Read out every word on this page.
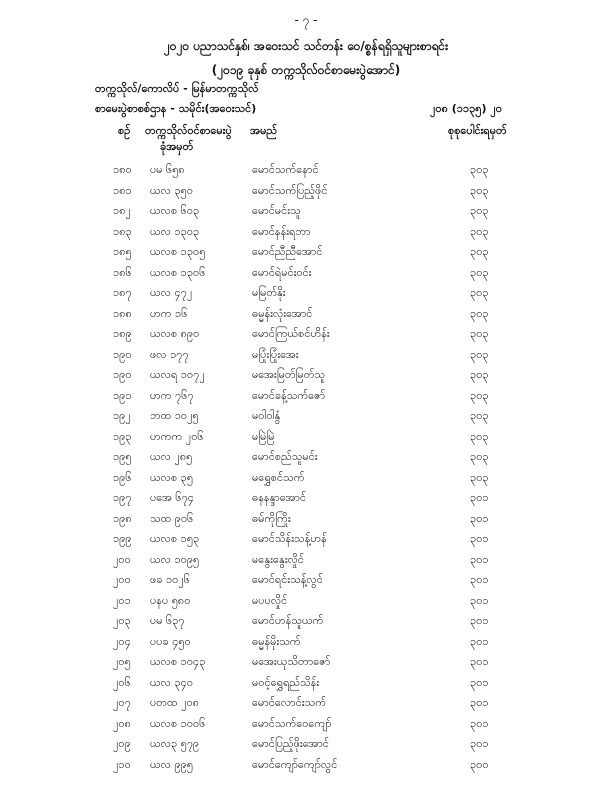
- ၇ -
၂၀၂၀ ပညာသင်နှစ်၊ အဝေးသင် သင်တန်း ဝေ/စ္စန်ရရှိသူများစာရင်း
(၂၀၁၉ ခုနှစ် တက္ကသိုလ်ဝင်စာမေးပွဲအောင်)
တက္ကသိုလ်/ကောလိပ် - မြန်မာတက္ကသိုလ်
စာမေးပွဲစာစစ်ဌာန - သမိုင်း(အဝေးသင်)	၂၀၈ (၁၁၃၅) ၂၀
စဉ် တက္ကသိုလ်ဝင်စာမေးပွဲ
ခုံအမှတ်
အမည်	စုစုပေါင်းရမှတ်
၁၈၀ ပမ ၆၅၈	မောင်သက်နောင်	၃၀၃
၁၈၁ ယလ ၃၅၀	မောင်သက်ပြည့်ဖိုင်	၃၀၃
၁၈၂ ယလစ ၆၀၃	မောင်မင်းသူ	၃၀၃
၁၈၃ ယလ ၁၃၀၃	မောင်နန်းရဘာ	၃၀၃
၁၈၅ ယလစ ၁၃၀၅	မောင်ညီညီအောင်	၃၀၃
၁၈၆ ယလစ ၁၃၀၆	မောင်ရဲမင်းဝင်း	၃၀၃
၁၈၇ ယလ ၄၇၂	မမြတ်နိုး	၃၀၃
၁၈၈ ဟက ၁၆	ဓမ္မန်းလုံးအောင်	၃၀၃
၁၈၉ ယလစ ၈၉၀	မောင်ကြယ်စင်ဟိန်း	၃၀၃
၁၉၀ ဖလ ၁၇၇	မပြုံးပြုံးအေး	၃၀၃
၁၉၀ ယလရ ၁၀၇၂	မအေးမြတ်မြတ်သူ	၃၀၃
၁၉၁ ဟက ၇၆၇	မောင်ခန့်သက်ဇော်	၃၀၃
၁၉၂ ဘထ ၁၀၂၅	မဝါဝါနွံ	၃၀၃
၁၉၃ ဟကက ၂၀၆	မမြဲမြဲ	၃၀၃
၁၉၅ ယလ ၂၈၅	မောင်စည်သူမင်း	၃၀၃
၁၉၆ ယလစ ၃၅	မရွှေစင်သက်	၃၀၃
၁၉၇ ပအေ ၆၇၄	ဓနနန္ဒာအောင်	၃၀၁
၁၉၈ သထ ၉၀၆	ဓမ်ကိုကြိုး	၃၀၁
၁၉၉ ယလစ ၁၅၃	မောင်သိန်းသန့်ဟန်	၃၀၁
၂၀၀ ယလ ၁၀၉၅	မနွေးနွေးလှိုင်	၃၀၁
၂၀၀ ဖခ ၁၀၂၆	မောင်ရင်းသန့်လွင်	၃၀၁
၂၀၁ ပနပ ၅၈၀	မပပလှိုင်	၃၀၁
၂၀၃ ပမ ၆၃၇	မောင်ဟန်သူယက်	၃၀၁
၂၀၄ ပပခ ၄၅၀	ဓမ္မန်မိုးသက်	၃၀၁
၂၀၅ ယလစ ၁၀၄၃	မအေးယုသိတာဇော်	၃၀၁
၂၀၆ ယလ ၃၄၀	မဝင့်ရွှေရည်သိန်း	၃၀၁
၂၀၇ ပတထ ၂၀၈	မောင်လောင်းသက်	၃၀၁
၂၀၈ ယလစ ၁၀၀၆	မောင်သက်ဝေကျော်	၃၀၁
၂၀၉ ယလ၃ ၅၇၉	မောင်ပြည့်ဖိုးအောင်	၃၀၁
၂၁၀ ယလ ၉၉၅	မောင်ကျော်ကျော်လွင်	၃၀၀
